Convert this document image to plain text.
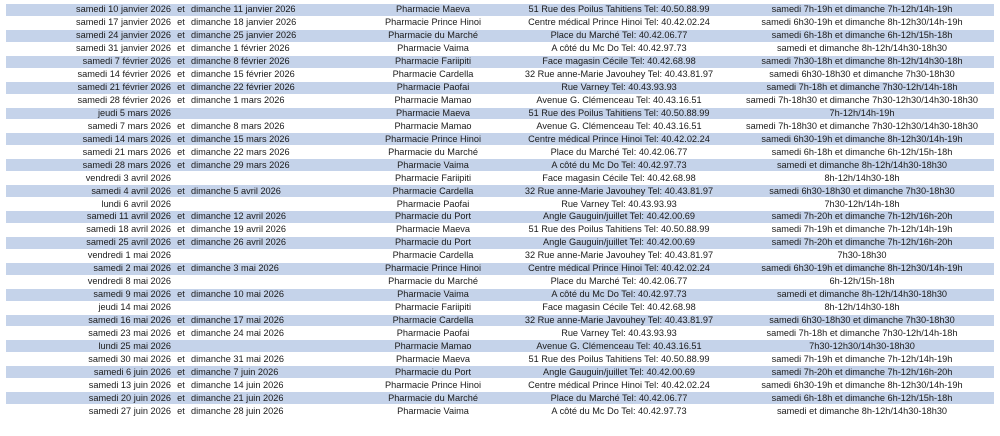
samedi 10 janvier 2026	et	dimanche 11 janvier 2026	Pharmacie Maeva	51 Rue des Poilus Tahitiens Tel: 40.50.88.99	samedi 7h-19h et dimanche 7h-12h/14h-19h
samedi 17 janvier 2026	et	dimanche 18 janvier 2026	Pharmacie Prince Hinoi	Centre médical Prince Hinoi Tel: 40.42.02.24	samedi 6h30-19h et dimanche 8h-12h30/14h-19h
samedi 24 janvier 2026	et	dimanche 25 janvier 2026	Pharmacie du Marché	Place du Marché Tel: 40.42.06.77	samedi 6h-18h et dimanche 6h-12h/15h-18h
samedi 31 janvier 2026	et	dimanche 1 février 2026	Pharmacie Vaima	A côté du Mc Do Tel: 40.42.97.73	samedi et dimanche 8h-12h/14h30-18h30
samedi 7 février 2026	et	dimanche 8 février 2026	Pharmacie Fariipiti	Face magasin Cécile Tel: 40.42.68.98	samedi 7h30-18h et dimanche 8h-12h/14h30-18h
samedi 14 février 2026	et	dimanche 15 février 2026	Pharmacie Cardella	32 Rue anne-Marie Javouhey Tel: 40.43.81.97	samedi 6h30-18h30 et dimanche 7h30-18h30
samedi 21 février 2026	et	dimanche 22 février 2026	Pharmacie Paofai	Rue Varney Tel: 40.43.93.93	samedi 7h-18h et dimanche 7h30-12h/14h-18h
samedi 28 février 2026	et	dimanche 1 mars 2026	Pharmacie Mamao	Avenue G. Clémenceau Tel: 40.43.16.51	samedi 7h-18h30 et dimanche 7h30-12h30/14h30-18h30
jeudi 5 mars 2026			Pharmacie Maeva	51 Rue des Poilus Tahitiens Tel: 40.50.88.99	7h-12h/14h-19h
samedi 7 mars 2026	et	dimanche 8 mars 2026	Pharmacie Mamao	Avenue G. Clémenceau Tel: 40.43.16.51	samedi 7h-18h30 et dimanche 7h30-12h30/14h30-18h30
samedi 14 mars 2026	et	dimanche 15 mars 2026	Pharmacie Prince Hinoi	Centre médical Prince Hinoi Tel: 40.42.02.24	samedi 6h30-19h et dimanche 8h-12h30/14h-19h
samedi 21 mars 2026	et	dimanche 22 mars 2026	Pharmacie du Marché	Place du Marché Tel: 40.42.06.77	samedi 6h-18h et dimanche 6h-12h/15h-18h
samedi 28 mars 2026	et	dimanche 29 mars 2026	Pharmacie Vaima	A côté du Mc Do Tel: 40.42.97.73	samedi et dimanche 8h-12h/14h30-18h30
vendredi 3 avril 2026			Pharmacie Fariipiti	Face magasin Cécile Tel: 40.42.68.98	8h-12h/14h30-18h
samedi 4 avril 2026	et	dimanche 5 avril 2026	Pharmacie Cardella	32 Rue anne-Marie Javouhey Tel: 40.43.81.97	samedi 6h30-18h30 et dimanche 7h30-18h30
lundi 6 avril 2026			Pharmacie Paofai	Rue Varney Tel: 40.43.93.93	7h30-12h/14h-18h
samedi 11 avril 2026	et	dimanche 12 avril 2026	Pharmacie du Port	Angle Gauguin/juillet Tel: 40.42.00.69	samedi 7h-20h et dimanche 7h-12h/16h-20h
samedi 18 avril 2026	et	dimanche 19 avril 2026	Pharmacie Maeva	51 Rue des Poilus Tahitiens Tel: 40.50.88.99	samedi 7h-19h et dimanche 7h-12h/14h-19h
samedi 25 avril 2026	et	dimanche 26 avril 2026	Pharmacie du Port	Angle Gauguin/juillet Tel: 40.42.00.69	samedi 7h-20h et dimanche 7h-12h/16h-20h
vendredi 1 mai 2026			Pharmacie Cardella	32 Rue anne-Marie Javouhey Tel: 40.43.81.97	7h30-18h30
samedi 2 mai 2026	et	dimanche 3 mai 2026	Pharmacie Prince Hinoi	Centre médical Prince Hinoi Tel: 40.42.02.24	samedi 6h30-19h et dimanche 8h-12h30/14h-19h
vendredi 8 mai 2026			Pharmacie du Marché	Place du Marché Tel: 40.42.06.77	6h-12h/15h-18h
samedi 9 mai 2026	et	dimanche 10 mai 2026	Pharmacie Vaima	A côté du Mc Do Tel: 40.42.97.73	samedi et dimanche 8h-12h/14h30-18h30
jeudi 14 mai 2026			Pharmacie Fariipiti	Face magasin Cécile Tel: 40.42.68.98	8h-12h/14h30-18h
samedi 16 mai 2026	et	dimanche 17 mai 2026	Pharmacie Cardella	32 Rue anne-Marie Javouhey Tel: 40.43.81.97	samedi 6h30-18h30 et dimanche 7h30-18h30
samedi 23 mai 2026	et	dimanche 24 mai 2026	Pharmacie Paofai	Rue Varney Tel: 40.43.93.93	samedi 7h-18h et dimanche 7h30-12h/14h-18h
lundi 25 mai 2026			Pharmacie Mamao	Avenue G. Clémenceau Tel: 40.43.16.51	7h30-12h30/14h30-18h30
samedi 30 mai 2026	et	dimanche 31 mai 2026	Pharmacie Maeva	51 Rue des Poilus Tahitiens Tel: 40.50.88.99	samedi 7h-19h et dimanche 7h-12h/14h-19h
samedi 6 juin 2026	et	dimanche 7 juin 2026	Pharmacie du Port	Angle Gauguin/juillet Tel: 40.42.00.69	samedi 7h-20h et dimanche 7h-12h/16h-20h
samedi 13 juin 2026	et	dimanche 14 juin 2026	Pharmacie Prince Hinoi	Centre médical Prince Hinoi Tel: 40.42.02.24	samedi 6h30-19h et dimanche 8h-12h30/14h-19h
samedi 20 juin 2026	et	dimanche 21 juin 2026	Pharmacie du Marché	Place du Marché Tel: 40.42.06.77	samedi 6h-18h et dimanche 6h-12h/15h-18h
samedi 27 juin 2026	et	dimanche 28 juin 2026	Pharmacie Vaima	A côté du Mc Do Tel: 40.42.97.73	samedi et dimanche 8h-12h/14h30-18h30
